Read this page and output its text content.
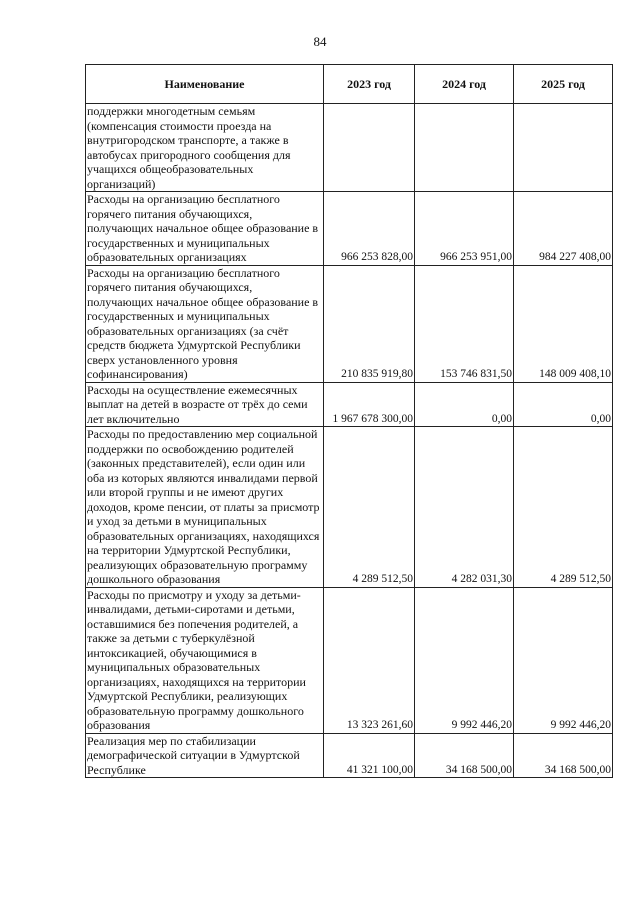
84
Наименование	2023 год	2024 год	2025 год
поддержки многодетным семьям (компенсация стоимости проезда на внутригородском транспорте, а также в автобусах пригородного сообщения для учащихся общеобразовательных организаций)			
Расходы на организацию бесплатного горячего питания обучающихся, получающих начальное общее образование в государственных и муниципальных образовательных организациях	966 253 828,00	966 253 951,00	984 227 408,00
Расходы на организацию бесплатного горячего питания обучающихся, получающих начальное общее образование в государственных и муниципальных образовательных организациях (за счёт средств бюджета Удмуртской Республики сверх установленного уровня софинансирования)	210 835 919,80	153 746 831,50	148 009 408,10
Расходы на осуществление ежемесячных выплат на детей в возрасте от трёх до семи лет включительно	1 967 678 300,00	0,00	0,00
Расходы по предоставлению мер социальной поддержки по освобождению родителей (законных представителей), если один или оба из которых являются инвалидами первой или второй группы и не имеют других доходов, кроме пенсии, от платы за присмотр и уход за детьми в муниципальных образовательных организациях, находящихся на территории Удмуртской Республики, реализующих образовательную программу дошкольного образования	4 289 512,50	4 282 031,30	4 289 512,50
Расходы по присмотру и уходу за детьми-инвалидами, детьми-сиротами и детьми, оставшимися без попечения родителей, а также за детьми с туберкулёзной интоксикацией, обучающимися в муниципальных образовательных организациях, находящихся на территории Удмуртской Республики, реализующих образовательную программу дошкольного образования	13 323 261,60	9 992 446,20	9 992 446,20
Реализация мер по стабилизации демографической ситуации в Удмуртской Республике	41 321 100,00	34 168 500,00	34 168 500,00
